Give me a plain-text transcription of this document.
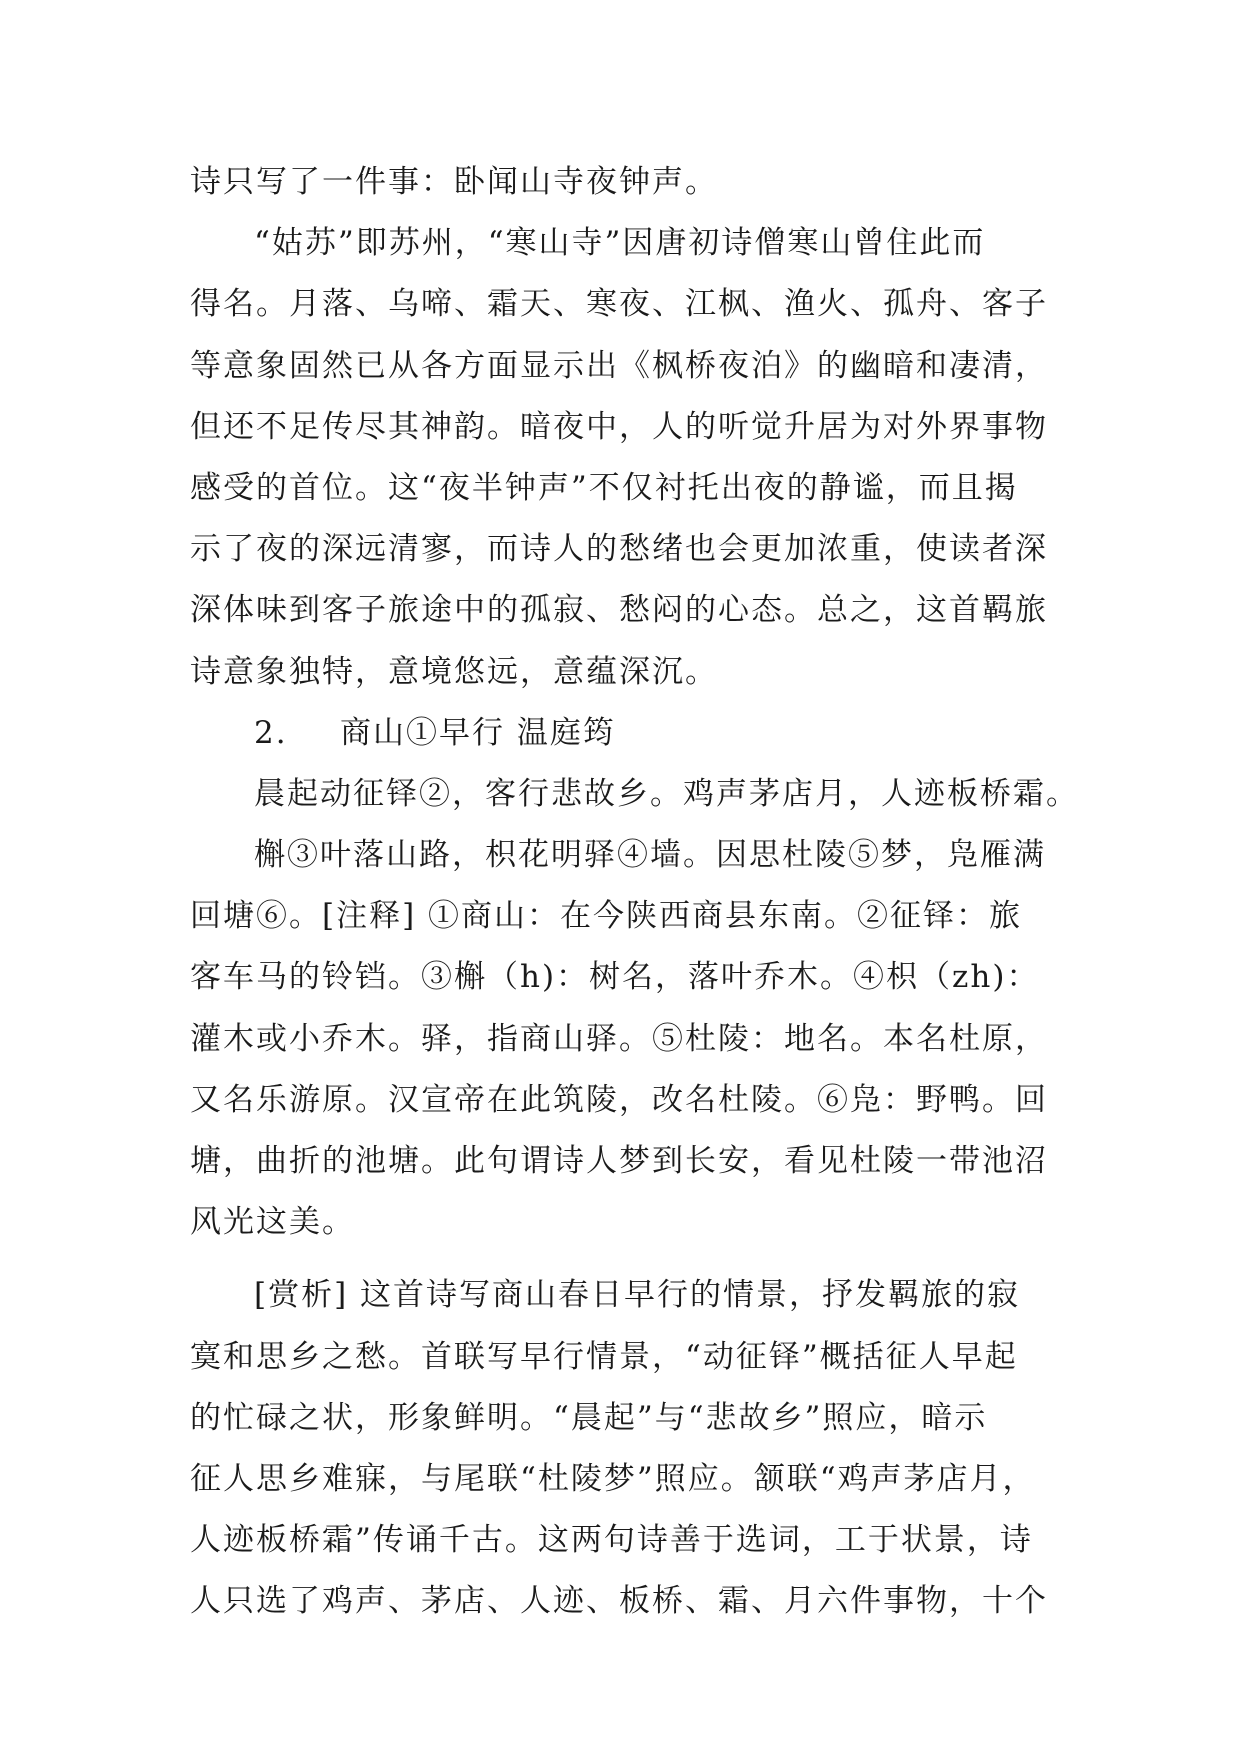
诗只写了一件事：卧闻山寺夜钟声。
“姑苏”即苏州，“寒山寺”因唐初诗僧寒山曾住此而
得名。月落、乌啼、霜天、寒夜、江枫、渔火、孤舟、客子
等意象固然已从各方面显示出《枫桥夜泊》的幽暗和凄清，
但还不足传尽其神韵。暗夜中，人的听觉升居为对外界事物
感受的首位。这“夜半钟声”不仅衬托出夜的静谧，而且揭
示了夜的深远清寥，而诗人的愁绪也会更加浓重，使读者深
深体味到客子旅途中的孤寂、愁闷的心态。总之，这首羁旅
诗意象独特，意境悠远，意蕴深沉。
2. 商山①早行 温庭筠
晨起动征铎②，客行悲故乡。鸡声茅店月，人迹板桥霜。
槲③叶落山路，枳花明驿④墙。因思杜陵⑤梦，凫雁满
回塘⑥。[注释] ①商山：在今陕西商县东南。②征铎：旅
客车马的铃铛。③槲（h)：树名，落叶乔木。④枳（zh)：
灌木或小乔木。驿，指商山驿。⑤杜陵：地名。本名杜原，
又名乐游原。汉宣帝在此筑陵，改名杜陵。⑥凫：野鸭。回
塘，曲折的池塘。此句谓诗人梦到长安，看见杜陵一带池沼
风光这美。
[赏析] 这首诗写商山春日早行的情景，抒发羁旅的寂
寞和思乡之愁。首联写早行情景，“动征铎”概括征人早起
的忙碌之状，形象鲜明。“晨起”与“悲故乡”照应，暗示
征人思乡难寐，与尾联“杜陵梦”照应。颔联“鸡声茅店月，
人迹板桥霜”传诵千古。这两句诗善于选词，工于状景，诗
人只选了鸡声、茅店、人迹、板桥、霜、月六件事物，十个
